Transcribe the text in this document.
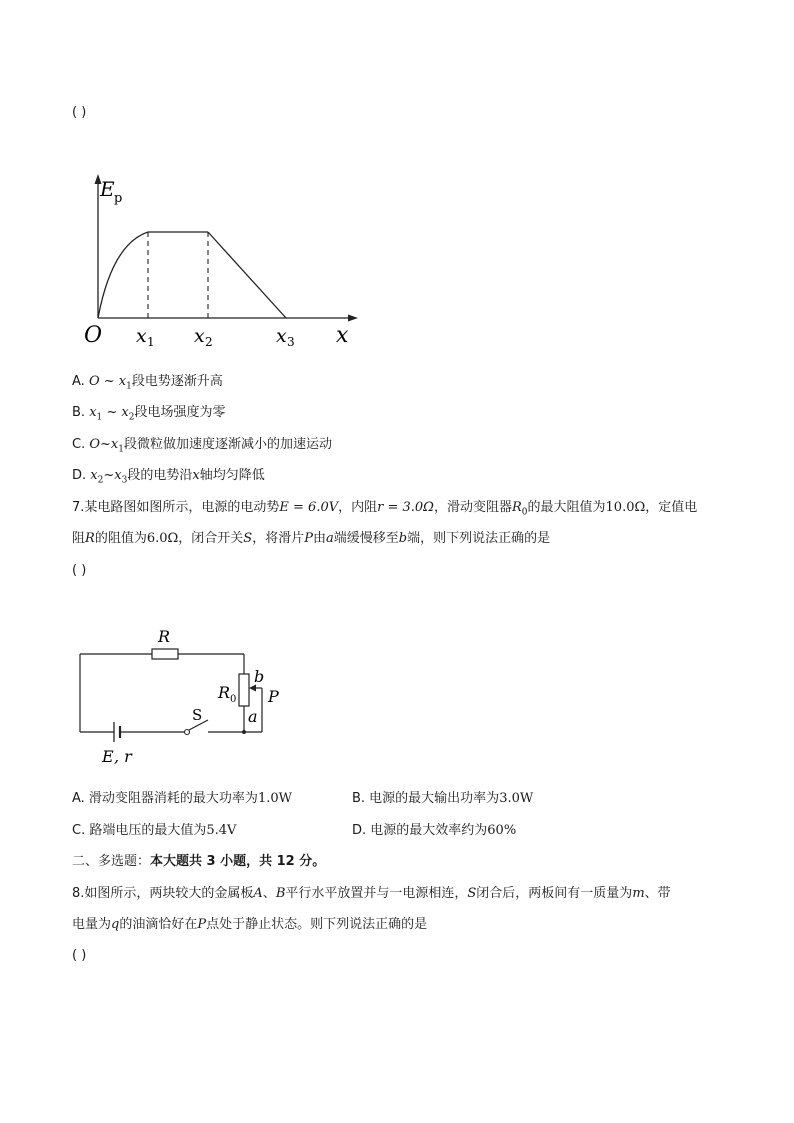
( )
E p
O	x
x 1 x 2	x 3
A. O ~ $x_1$段电势逐渐升高
B. $x_1$ ~ $x_2$段电场强度为零
C. $O\sim x_1$段微粒做加速度逐渐减小的加速运动
D. $x_2\sim x_3$段的电势沿x轴均匀降低
7.某电路图如图所示，电源的电动势E = 6.0V，内阻r = 3.0Ω，滑动变阻器$R_0$的最大阻值为10.0Ω，定值电
阻R的阻值为6.0Ω，闭合开关S，将滑片P由a端缓慢移至b端，则下列说法正确的是
( )
R
b
R 0 P
S	a
E , r
A. 滑动变阻器消耗的最大功率为1.0W	B. 电源的最大输出功率为3.0W
C. 路端电压的最大值为5.4V	D. 电源的最大效率约为60%
二、多选题：本大题共 3 小题，共 12 分。
8.如图所示，两块较大的金属板A、B平行水平放置并与一电源相连，S闭合后，两板间有一质量为m、带
电量为q的油滴恰好在P点处于静止状态。则下列说法正确的是
( )
